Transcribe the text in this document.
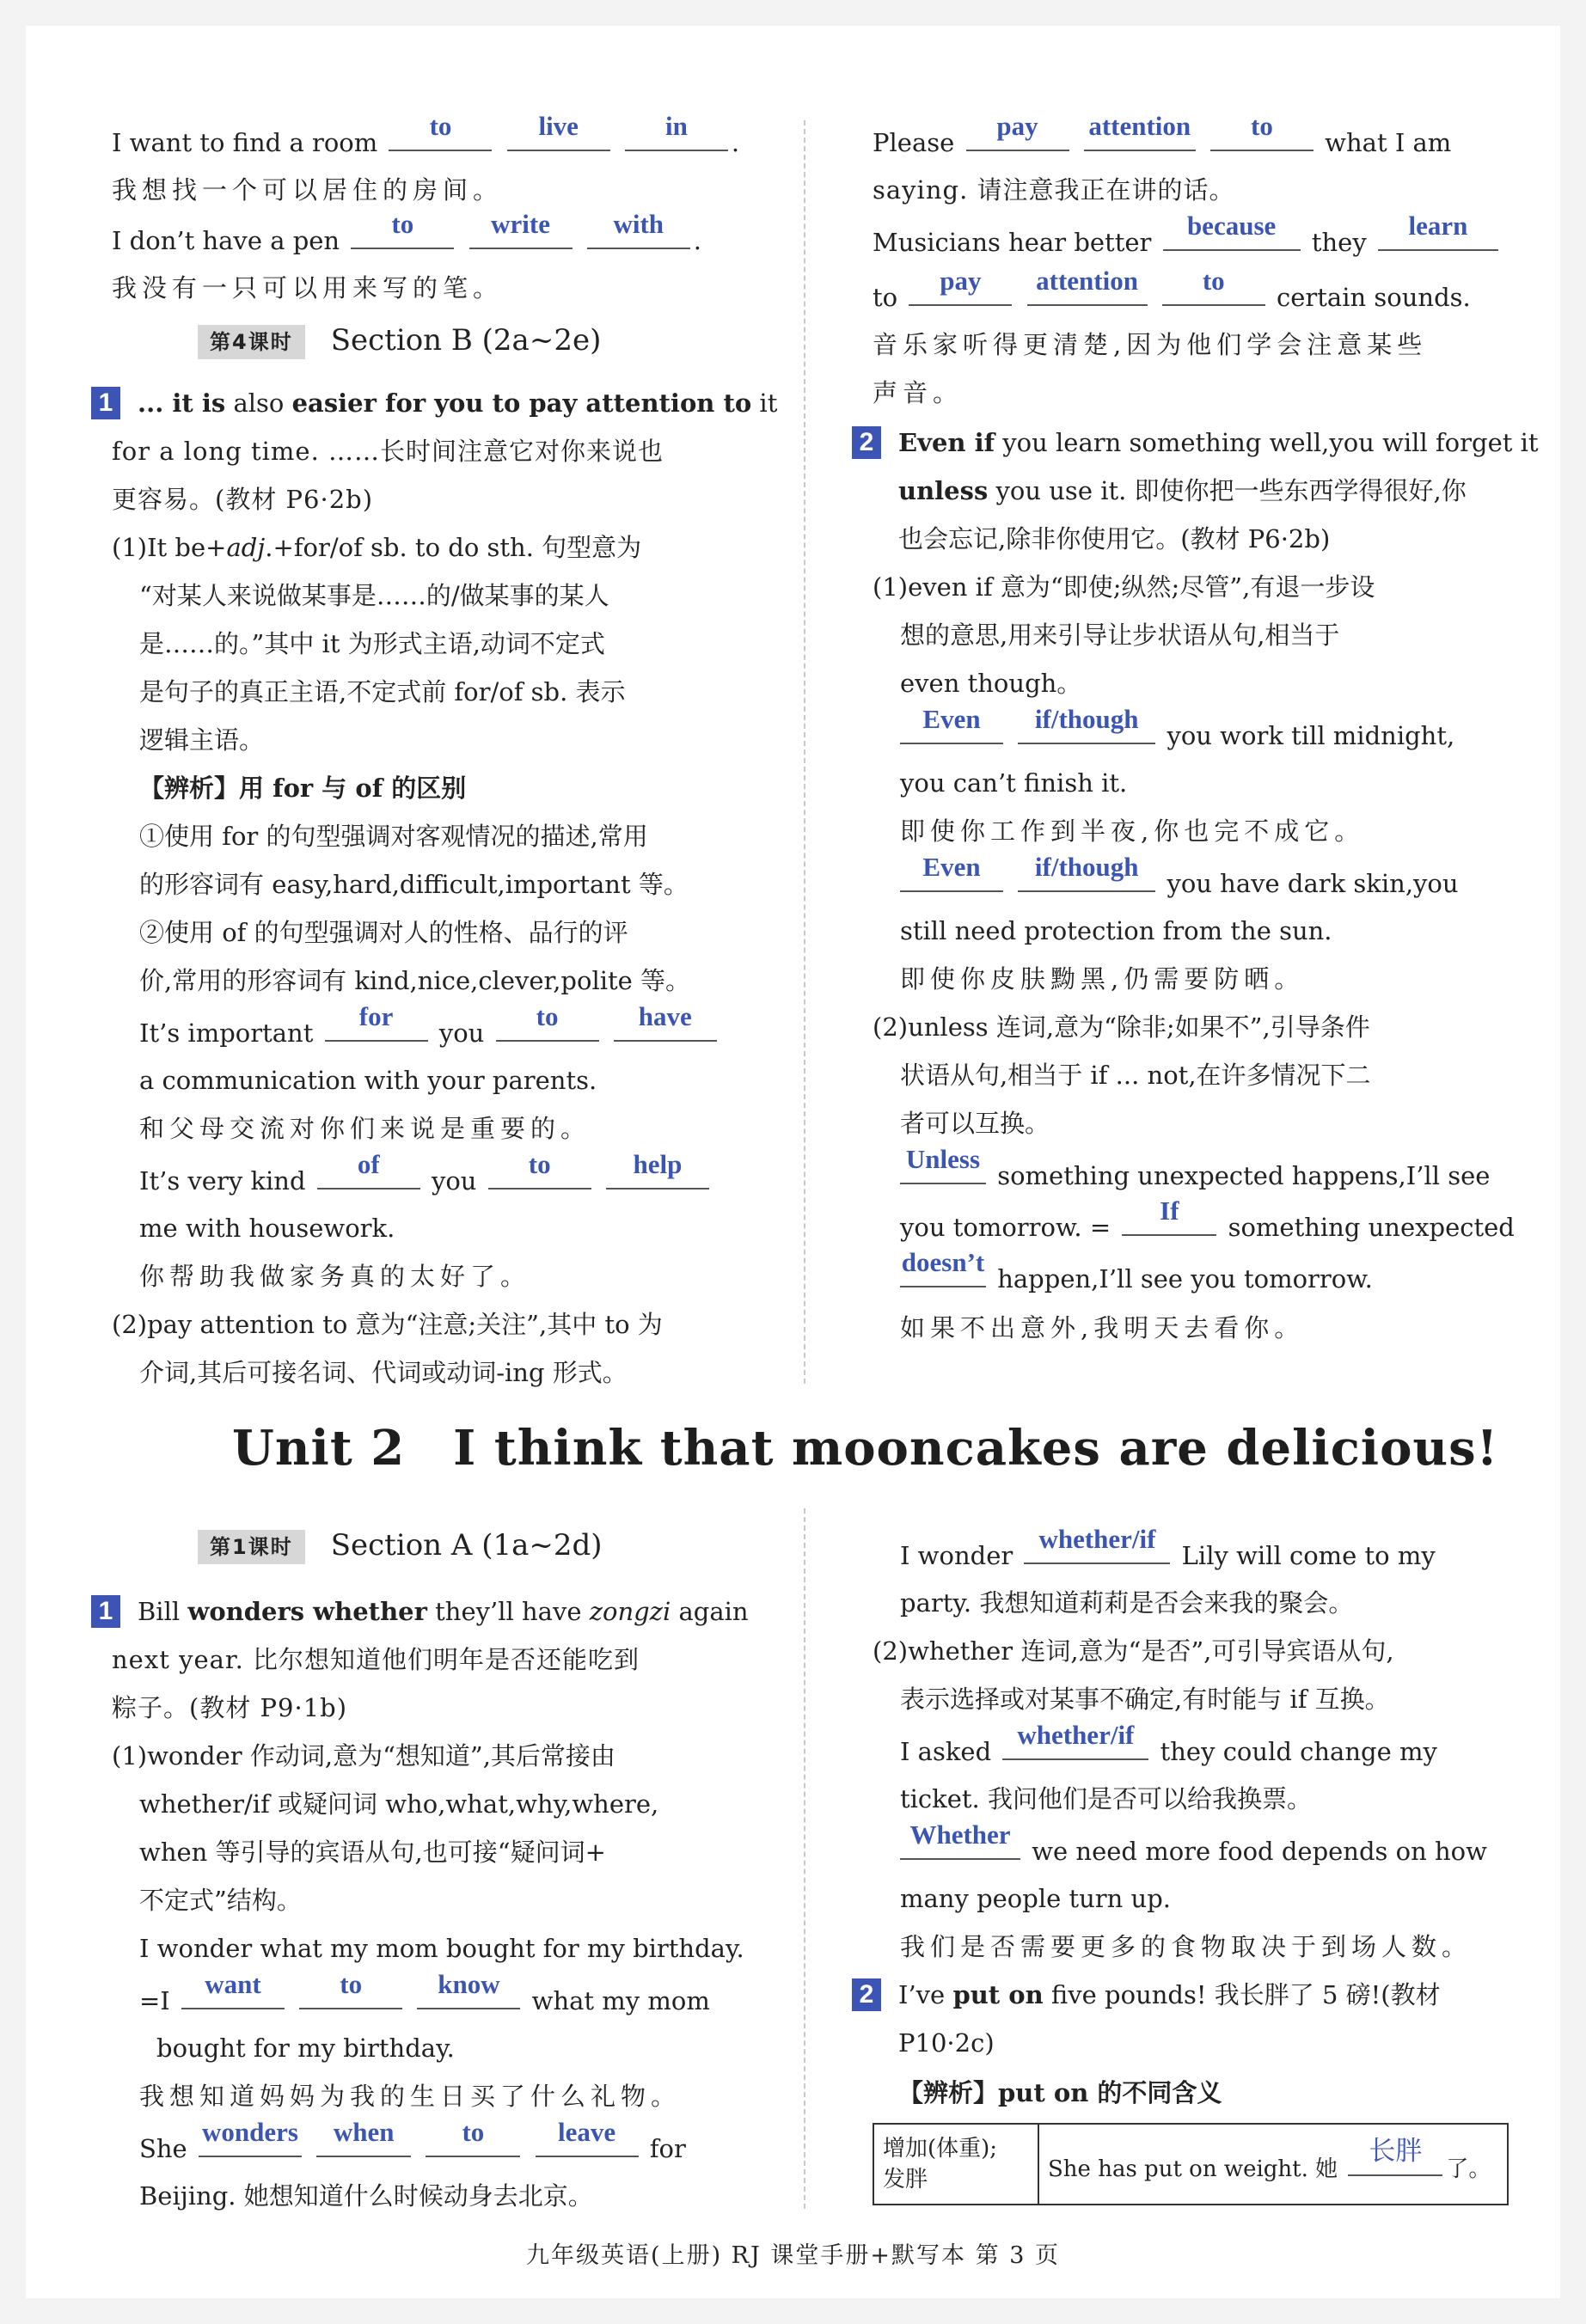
I want to find a room
to
	live
	in
.
我想找一个可以居住的房间。
I don’t have a pen
to
	write
	with
.
我没有一只可以用来写的笔。
第4课时 Section B (2a~2e)
1 ... it is also easier for you to pay attention to it
for a long time. ……长时间注意它对你来说也
更容易。(教材 P6·2b)
(1)It be+adj.+for/of sb. to do sth. 句型意为
“对某人来说做某事是……的/做某事的某人
是……的。”其中 it 为形式主语,动词不定式
是句子的真正主语,不定式前 for/of sb. 表示
逻辑主语。
【辨析】用 for 与 of 的区别
①使用 for 的句型强调对客观情况的描述,常用
的形容词有 easy,hard,difficult,important 等。
②使用 of 的句型强调对人的性格、品行的评
价,常用的形容词有 kind,nice,clever,polite 等。
It’s important
for
you
to
	have
a communication with your parents.
和父母交流对你们来说是重要的。
It’s very kind
of
you
to
	help
me with housework.
你帮助我做家务真的太好了。
(2)pay attention to 意为“注意;关注”,其中 to 为
介词,其后可接名词、代词或动词-ing 形式。
Please
pay
	attention
	to
what I am
saying. 请注意我正在讲的话。
Musicians hear better
because
they
learn
to
pay
	attention
	to
certain sounds.
音乐家听得更清楚,因为他们学会注意某些
声音。
2 Even if you learn something well,you will forget it
unless you use it. 即使你把一些东西学得很好,你
也会忘记,除非你使用它。(教材 P6·2b)
(1)even if 意为“即使;纵然;尽管”,有退一步设
想的意思,用来引导让步状语从句,相当于
even though。
Even
	if/though
you work till midnight,
you can’t finish it.
即使你工作到半夜,你也完不成它。
Even
	if/though
you have dark skin,you
still need protection from the sun.
即使你皮肤黝黑,仍需要防晒。
(2)unless 连词,意为“除非;如果不”,引导条件
状语从句,相当于 if ... not,在许多情况下二
者可以互换。
Unless
something unexpected happens,I’ll see
you tomorrow. =
If
something unexpected
doesn’t
happen,I’ll see you tomorrow.
如果不出意外,我明天去看你。
Unit 2 I think that mooncakes are delicious!
第1课时 Section A (1a~2d)
1 Bill wonders whether they’ll have zongzi again
next year. 比尔想知道他们明年是否还能吃到
粽子。(教材 P9·1b)
(1)wonder 作动词,意为“想知道”,其后常接由
whether/if 或疑问词 who,what,why,where,
when 等引导的宾语从句,也可接“疑问词+
不定式”结构。
I wonder what my mom bought for my birthday.
=I
want
	to
	know
what my mom
bought for my birthday.
我想知道妈妈为我的生日买了什么礼物。
She
wonders
	when
	to
	leave
for
Beijing. 她想知道什么时候动身去北京。
I wonder
whether/if
Lily will come to my
party. 我想知道莉莉是否会来我的聚会。
(2)whether 连词,意为“是否”,可引导宾语从句,
表示选择或对某事不确定,有时能与 if 互换。
I asked
whether/if
they could change my
ticket. 我问他们是否可以给我换票。
Whether
we need more food depends on how
many people turn up.
我们是否需要更多的食物取决于到场人数。
2 I’ve put on five pounds! 我长胖了 5 磅!(教材
P10·2c)
【辨析】put on 的不同含义
增加(体重);
发胖	She has put on weight. 她
长胖
了。
九年级英语(上册) RJ 课堂手册+默写本 第 3 页
